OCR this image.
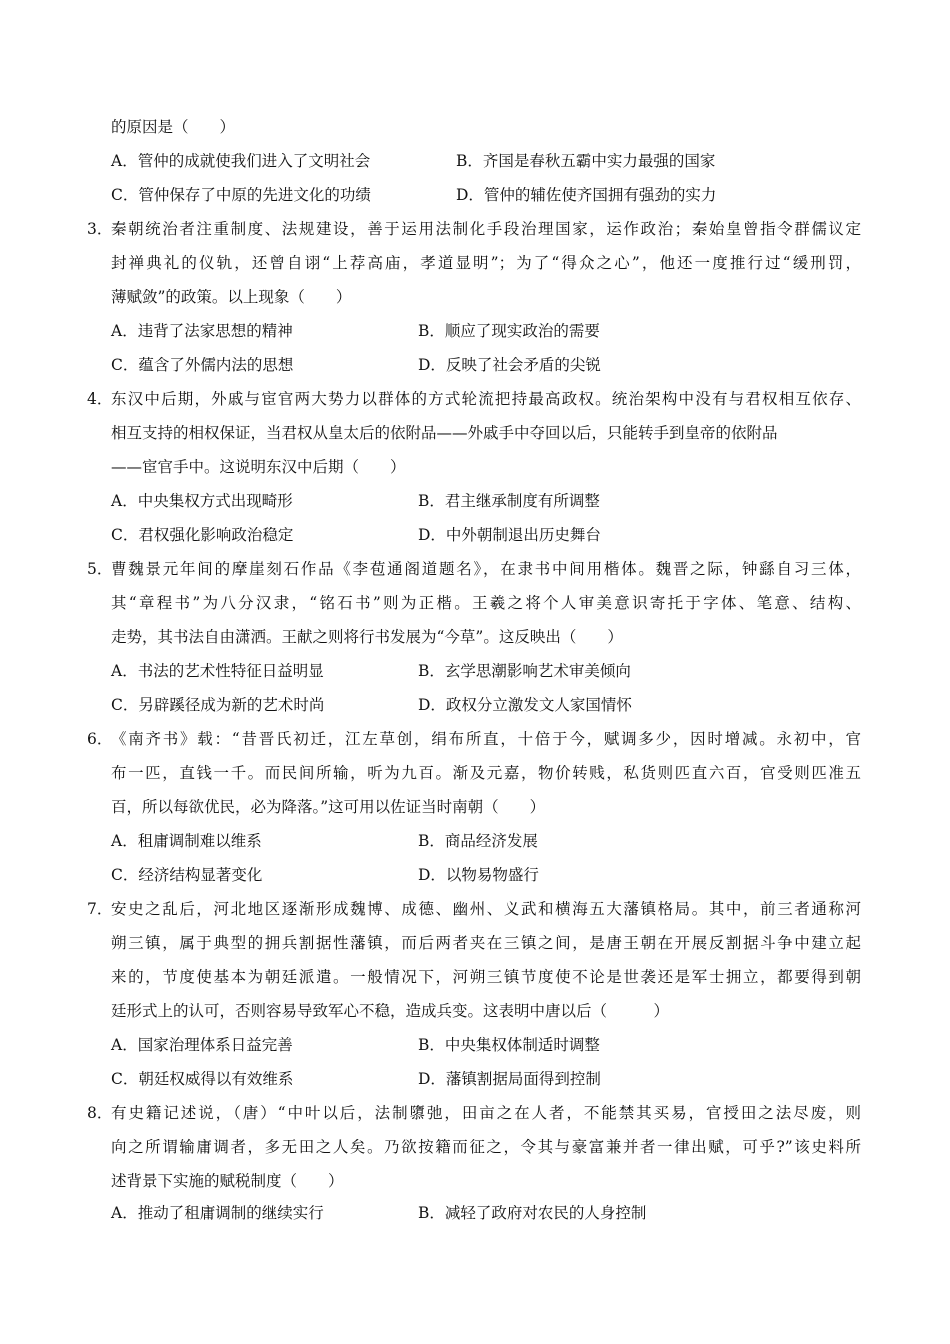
的原因是（　　）
A．管仲的成就使我们进入了文明社会	B．齐国是春秋五霸中实力最强的国家
C．管仲保存了中原的先进文化的功绩	D．管仲的辅佐使齐国拥有强劲的实力
3．
秦朝统治者注重制度、法规建设，善于运用法制化手段治理国家，运作政治；秦始皇曾指令群儒议定
封禅典礼的仪轨，还曾自诩“上荐高庙，孝道显明”；为了“得众之心”，他还一度推行过“缓刑罚，
薄赋敛”的政策。以上现象（　　）
A．违背了法家思想的精神	B．顺应了现实政治的需要
C．蕴含了外儒内法的思想	D．反映了社会矛盾的尖锐
4．
东汉中后期，外戚与宦官两大势力以群体的方式轮流把持最高政权。统治架构中没有与君权相互依存、
相互支持的相权保证，当君权从皇太后的依附品——外戚手中夺回以后，只能转手到皇帝的依附品
——宦官手中。这说明东汉中后期（　　）
A．中央集权方式出现畸形	B．君主继承制度有所调整
C．君权强化影响政治稳定	D．中外朝制退出历史舞台
5．
曹魏景元年间的摩崖刻石作品《李苞通阁道题名》，在隶书中间用楷体。魏晋之际，钟繇自习三体，
其“章程书”为八分汉隶，“铭石书”则为正楷。王羲之将个人审美意识寄托于字体、笔意、结构、
走势，其书法自由潇洒。王献之则将行书发展为“今草”。这反映出（　　）
A．书法的艺术性特征日益明显	B．玄学思潮影响艺术审美倾向
C．另辟蹊径成为新的艺术时尚	D．政权分立激发文人家国情怀
6．
《南齐书》载：“昔晋氏初迁，江左草创，绢布所直，十倍于今，赋调多少，因时增减。永初中，官
布一匹，直钱一千。而民间所输，听为九百。渐及元嘉，物价转贱，私货则匹直六百，官受则匹准五
百，所以每欲优民，必为降落。”这可用以佐证当时南朝（　　）
A．租庸调制难以维系	B．商品经济发展
C．经济结构显著变化	D．以物易物盛行
7．
安史之乱后，河北地区逐渐形成魏博、成德、幽州、义武和横海五大藩镇格局。其中，前三者通称河
朔三镇，属于典型的拥兵割据性藩镇，而后两者夹在三镇之间，是唐王朝在开展反割据斗争中建立起
来的，节度使基本为朝廷派遣。一般情况下，河朔三镇节度使不论是世袭还是军士拥立，都要得到朝
廷形式上的认可，否则容易导致军心不稳，造成兵变。这表明中唐以后（　　　）
A．国家治理体系日益完善	B．中央集权体制适时调整
C．朝廷权威得以有效维系	D．藩镇割据局面得到控制
8．
有史籍记述说，（唐）“中叶以后，法制隳弛，田亩之在人者，不能禁其买易，官授田之法尽废，则
向之所谓输庸调者，多无田之人矣。乃欲按籍而征之，令其与豪富兼并者一律出赋，可乎?”该史料所
述背景下实施的赋税制度（　　）
A．推动了租庸调制的继续实行	B．减轻了政府对农民的人身控制
